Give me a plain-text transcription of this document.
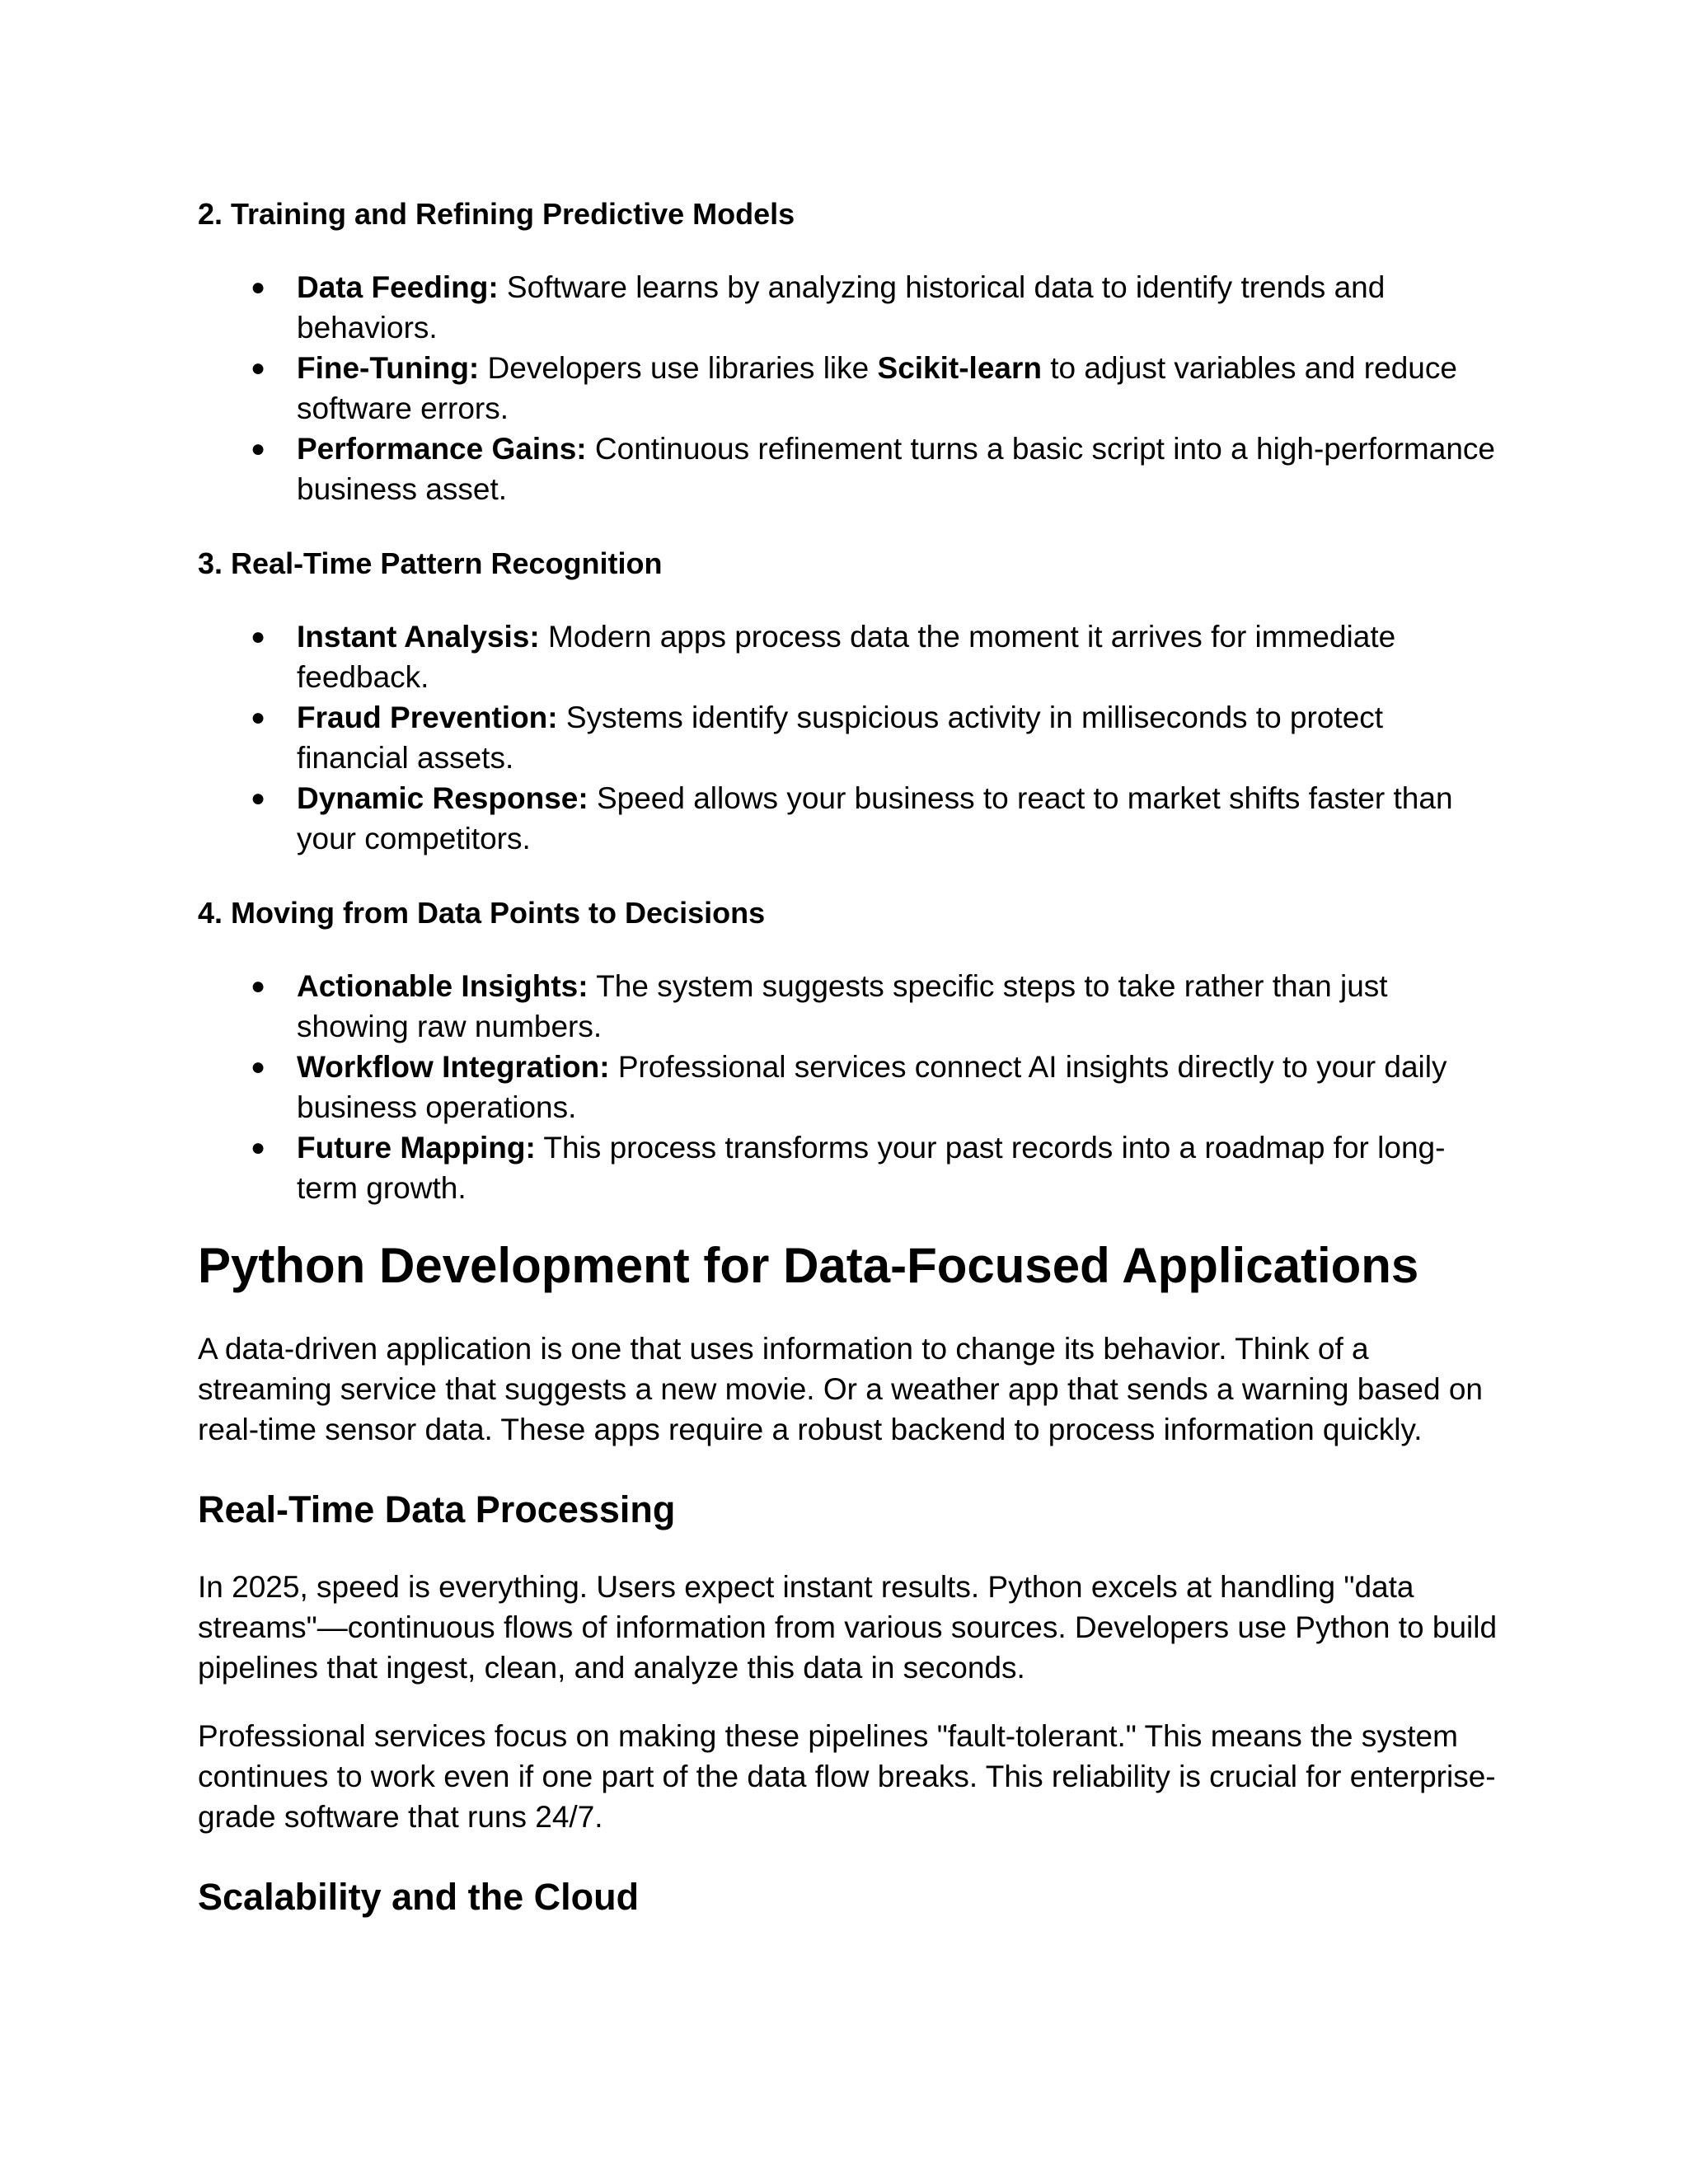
2. Training and Refining Predictive Models
● Data Feeding: Software learns by analyzing historical data to identify trends and behaviors.
● Fine-Tuning: Developers use libraries like Scikit-learn to adjust variables and reduce software errors.
● Performance Gains: Continuous refinement turns a basic script into a high-performance business asset.
3. Real-Time Pattern Recognition
● Instant Analysis: Modern apps process data the moment it arrives for immediate feedback.
● Fraud Prevention: Systems identify suspicious activity in milliseconds to protect financial assets.
● Dynamic Response: Speed allows your business to react to market shifts faster than your competitors.
4. Moving from Data Points to Decisions
● Actionable Insights: The system suggests specific steps to take rather than just showing raw numbers.
● Workflow Integration: Professional services connect AI insights directly to your daily business operations.
● Future Mapping: This process transforms your past records into a roadmap for long-term growth.
Python Development for Data-Focused Applications

A data-driven application is one that uses information to change its behavior. Think of a streaming service that suggests a new movie. Or a weather app that sends a warning based on real-time sensor data. These apps require a robust backend to process information quickly.

Real-Time Data Processing

In 2025, speed is everything. Users expect instant results. Python excels at handling "data streams"—continuous flows of information from various sources. Developers use Python to build pipelines that ingest, clean, and analyze this data in seconds.

Professional services focus on making these pipelines "fault-tolerant." This means the system continues to work even if one part of the data flow breaks. This reliability is crucial for enterprise-grade software that runs 24/7.

Scalability and the Cloud
